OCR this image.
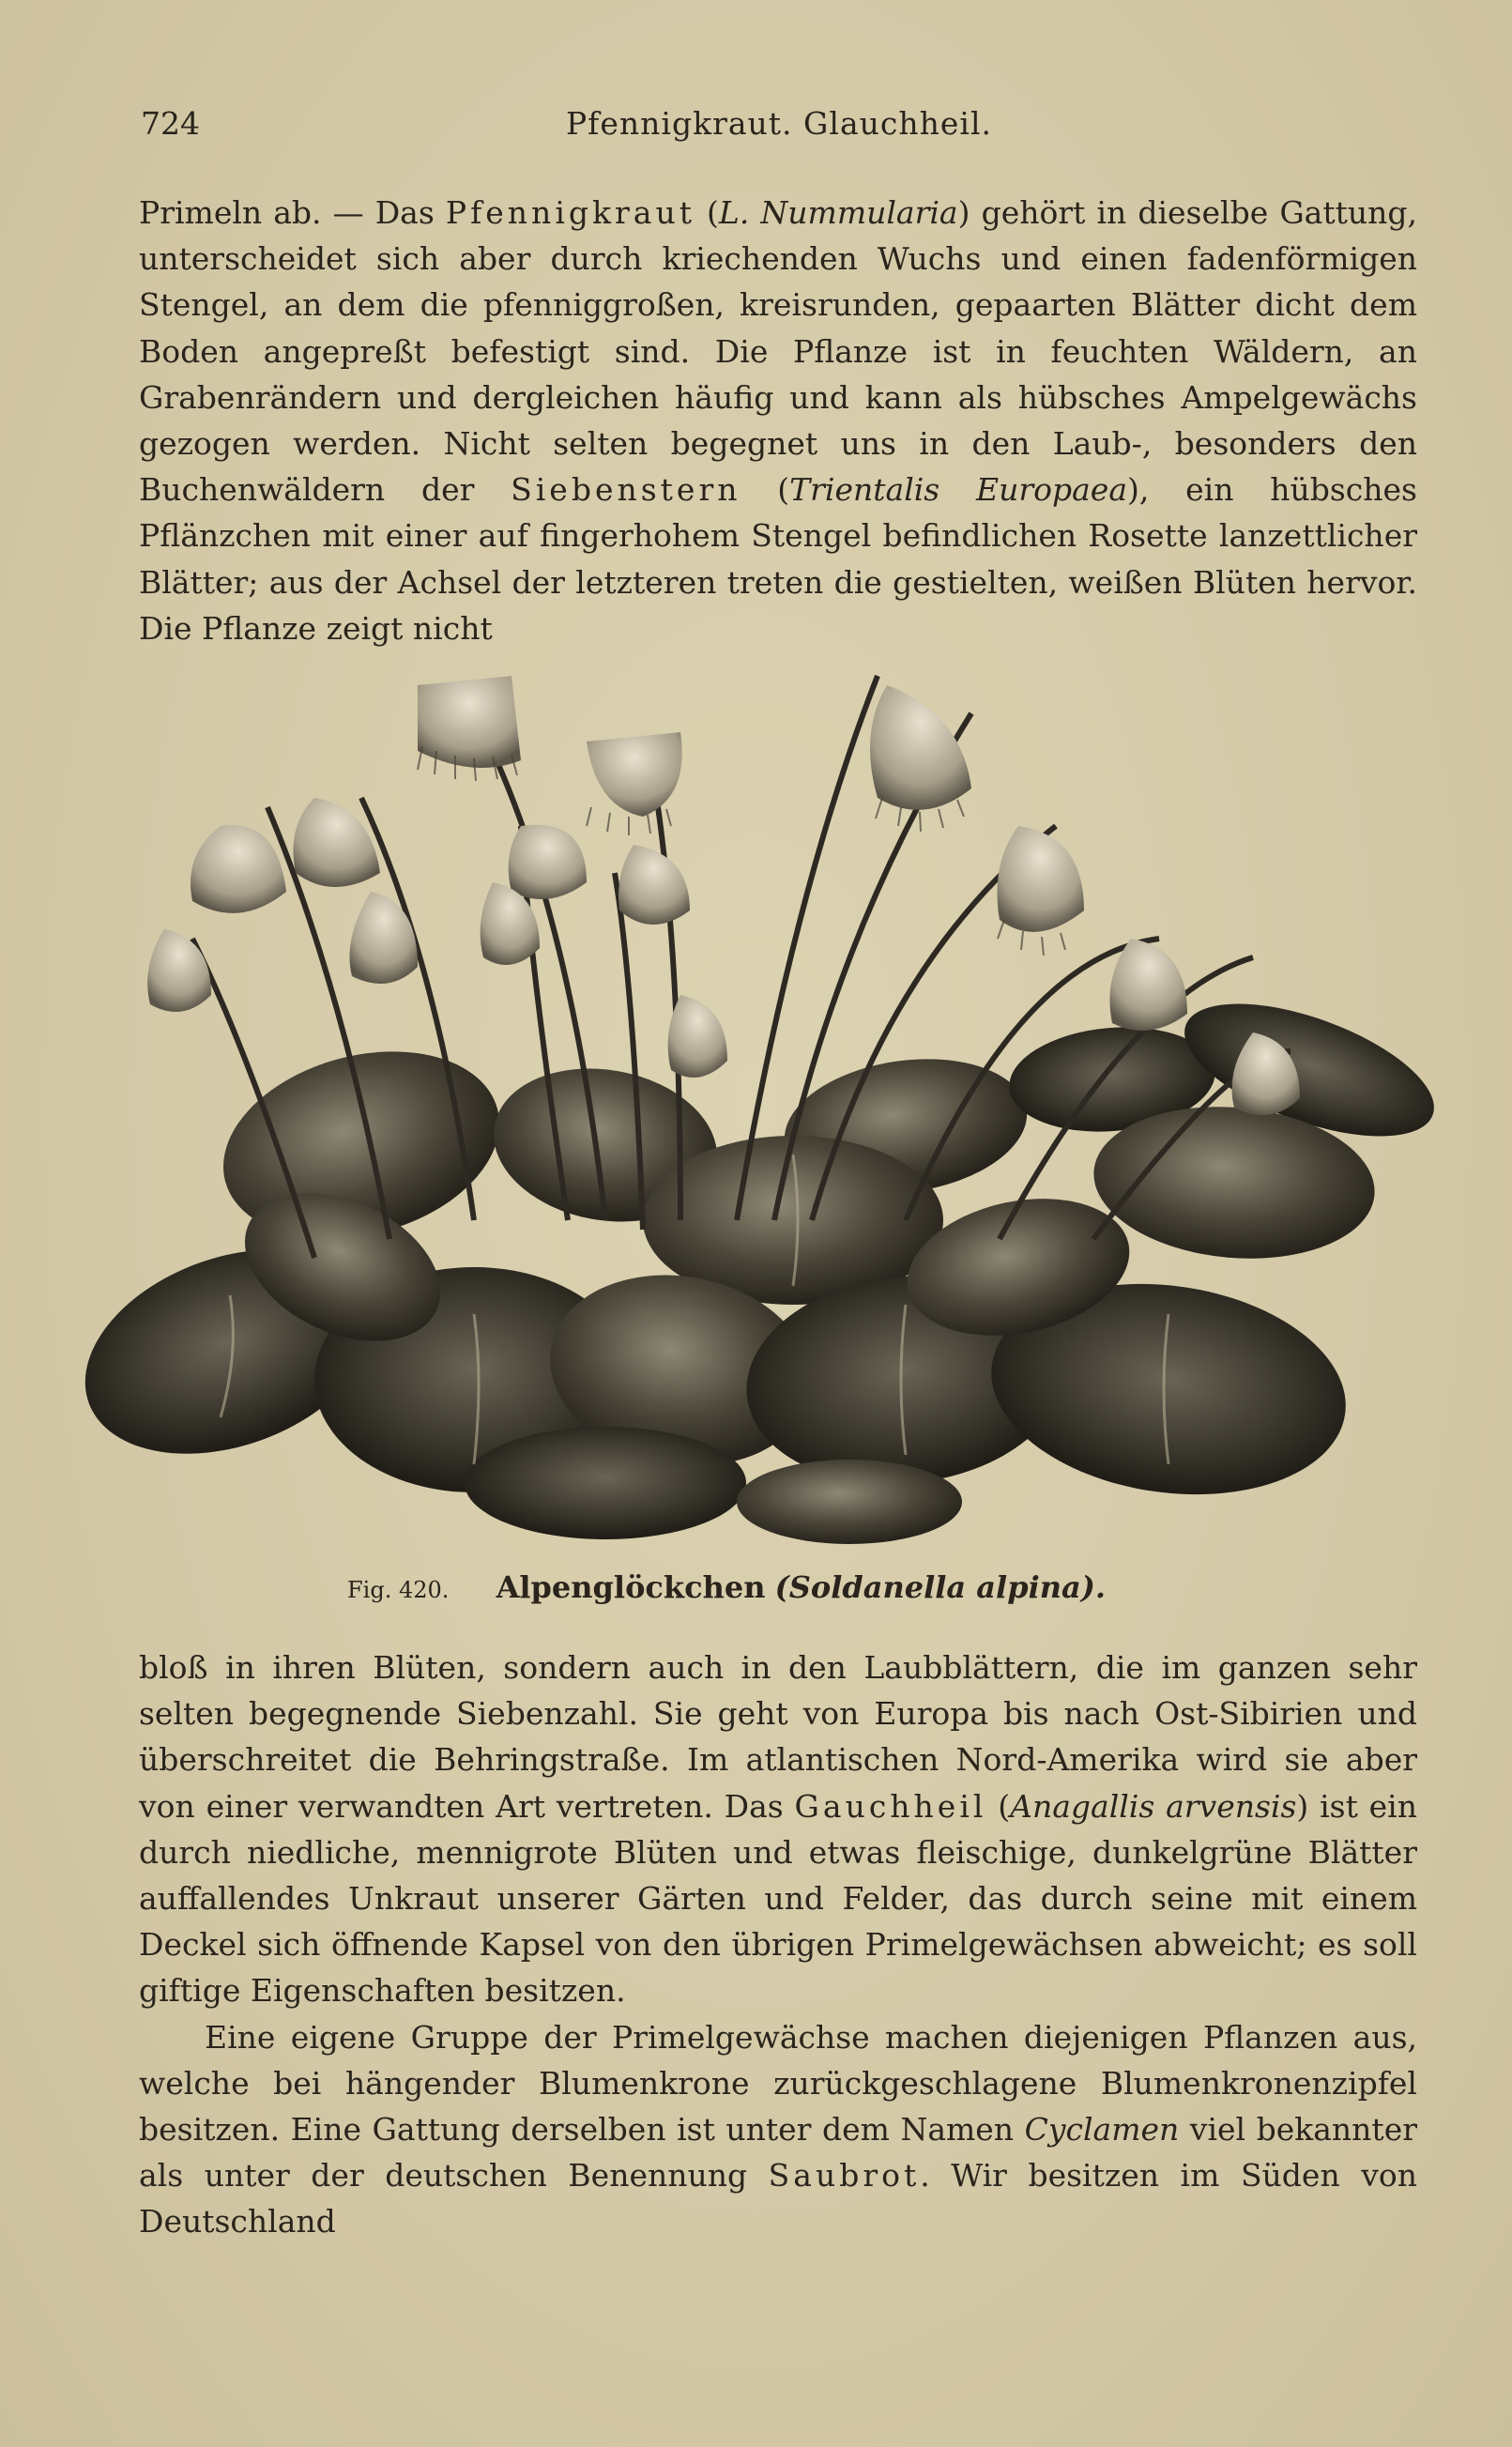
724	Pfennigkraut. Glauchheil.

Primeln ab. — Das Pfennigkraut (L. Nummularia) gehört in dieselbe Gattung, unterscheidet sich aber durch kriechenden Wuchs und einen fadenförmigen Stengel, an dem die pfenniggroßen, kreisrunden, gepaarten Blätter dicht dem Boden angepreßt befestigt sind. Die Pflanze ist in feuchten Wäldern, an Grabenrändern und dergleichen häufig und kann als hübsches Ampelgewächs gezogen werden. Nicht selten begegnet uns in den Laub-, besonders den Buchenwäldern der Siebenstern (Trientalis Europaea), ein hübsches Pflänzchen mit einer auf fingerhohem Stengel befindlichen Rosette lanzettlicher Blätter; aus der Achsel der letzteren treten die gestielten, weißen Blüten hervor. Die Pflanze zeigt nicht

Fig. 420. Alpenglöckchen (Soldanella alpina).

bloß in ihren Blüten, sondern auch in den Laubblättern, die im ganzen sehr selten begegnende Siebenzahl. Sie geht von Europa bis nach Ost-Sibirien und überschreitet die Behringstraße. Im atlantischen Nord-Amerika wird sie aber von einer verwandten Art vertreten. Das Gauchheil (Anagallis arvensis) ist ein durch niedliche, mennigrote Blüten und etwas fleischige, dunkelgrüne Blätter auffallendes Unkraut unserer Gärten und Felder, das durch seine mit einem Deckel sich öffnende Kapsel von den übrigen Primelgewächsen abweicht; es soll giftige Eigenschaften besitzen.

Eine eigene Gruppe der Primelgewächse machen diejenigen Pflanzen aus, welche bei hängender Blumenkrone zurückgeschlagene Blumenkronenzipfel besitzen. Eine Gattung derselben ist unter dem Namen Cyclamen viel bekannter als unter der deutschen Benennung Saubrot. Wir besitzen im Süden von Deutschland
